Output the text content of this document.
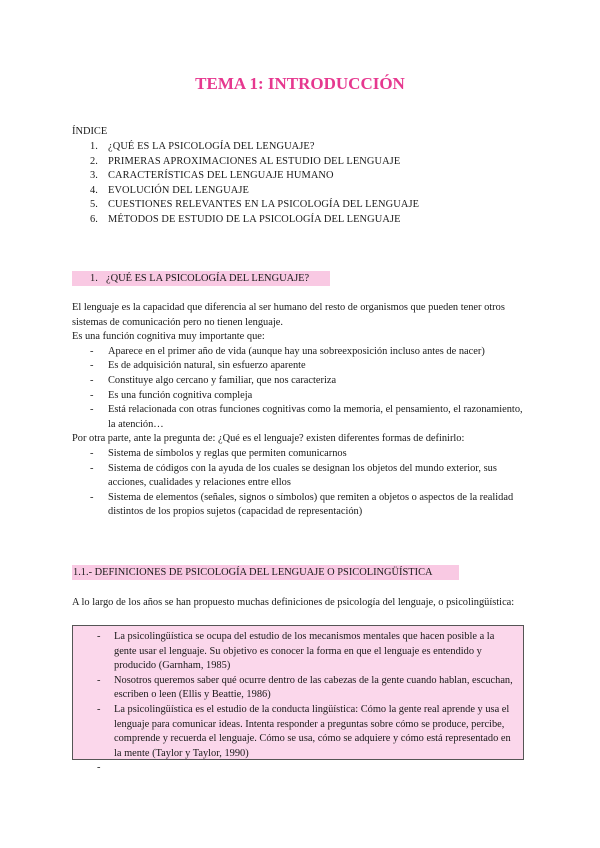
TEMA 1: INTRODUCCIÓN
ÍNDICE
1. ¿QUÉ ES LA PSICOLOGÍA DEL LENGUAJE?
2. PRIMERAS APROXIMACIONES AL ESTUDIO DEL LENGUAJE
3. CARACTERÍSTICAS DEL LENGUAJE HUMANO
4. EVOLUCIÓN DEL LENGUAJE
5. CUESTIONES RELEVANTES EN LA PSICOLOGÍA DEL LENGUAJE
6. MÉTODOS DE ESTUDIO DE LA PSICOLOGÍA DEL LENGUAJE
1. ¿QUÉ ES LA PSICOLOGÍA DEL LENGUAJE?

El lenguaje es la capacidad que diferencia al ser humano del resto de organismos que pueden tener otros sistemas de comunicación pero no tienen lenguaje.

Es una función cognitiva muy importante que:

- Aparece en el primer año de vida (aunque hay una sobreexposición incluso antes de nacer)
- Es de adquisición natural, sin esfuerzo aparente
- Constituye algo cercano y familiar, que nos caracteriza
- Es una función cognitiva compleja
- Está relacionada con otras funciones cognitivas como la memoria, el pensamiento, el razonamiento, la atención…

Por otra parte, ante la pregunta de: ¿Qué es el lenguaje? existen diferentes formas de definirlo:

- Sistema de símbolos y reglas que permiten comunicarnos
- Sistema de códigos con la ayuda de los cuales se designan los objetos del mundo exterior, sus acciones, cualidades y relaciones entre ellos
- Sistema de elementos (señales, signos o símbolos) que remiten a objetos o aspectos de la realidad distintos de los propios sujetos (capacidad de representación)
1.1.- DEFINICIONES DE PSICOLOGÍA DEL LENGUAJE O PSICOLINGÜÍSTICA
A lo largo de los años se han propuesto muchas definiciones de psicología del lenguaje, o psicolingüística:
- La psicolingüística se ocupa del estudio de los mecanismos mentales que hacen posible a la gente usar el lenguaje. Su objetivo es conocer la forma en que el lenguaje es entendido y producido (Garnham, 1985)
- Nosotros queremos saber qué ocurre dentro de las cabezas de la gente cuando hablan, escuchan, escriben o leen (Ellis y Beattie, 1986)
- La psicolingüística es el estudio de la conducta lingüística: Cómo la gente real aprende y usa el lenguaje para comunicar ideas. Intenta responder a preguntas sobre cómo se produce, percibe, comprende y recuerda el lenguaje. Cómo se usa, cómo se adquiere y cómo está representado en la mente (Taylor y Taylor, 1990)
-
